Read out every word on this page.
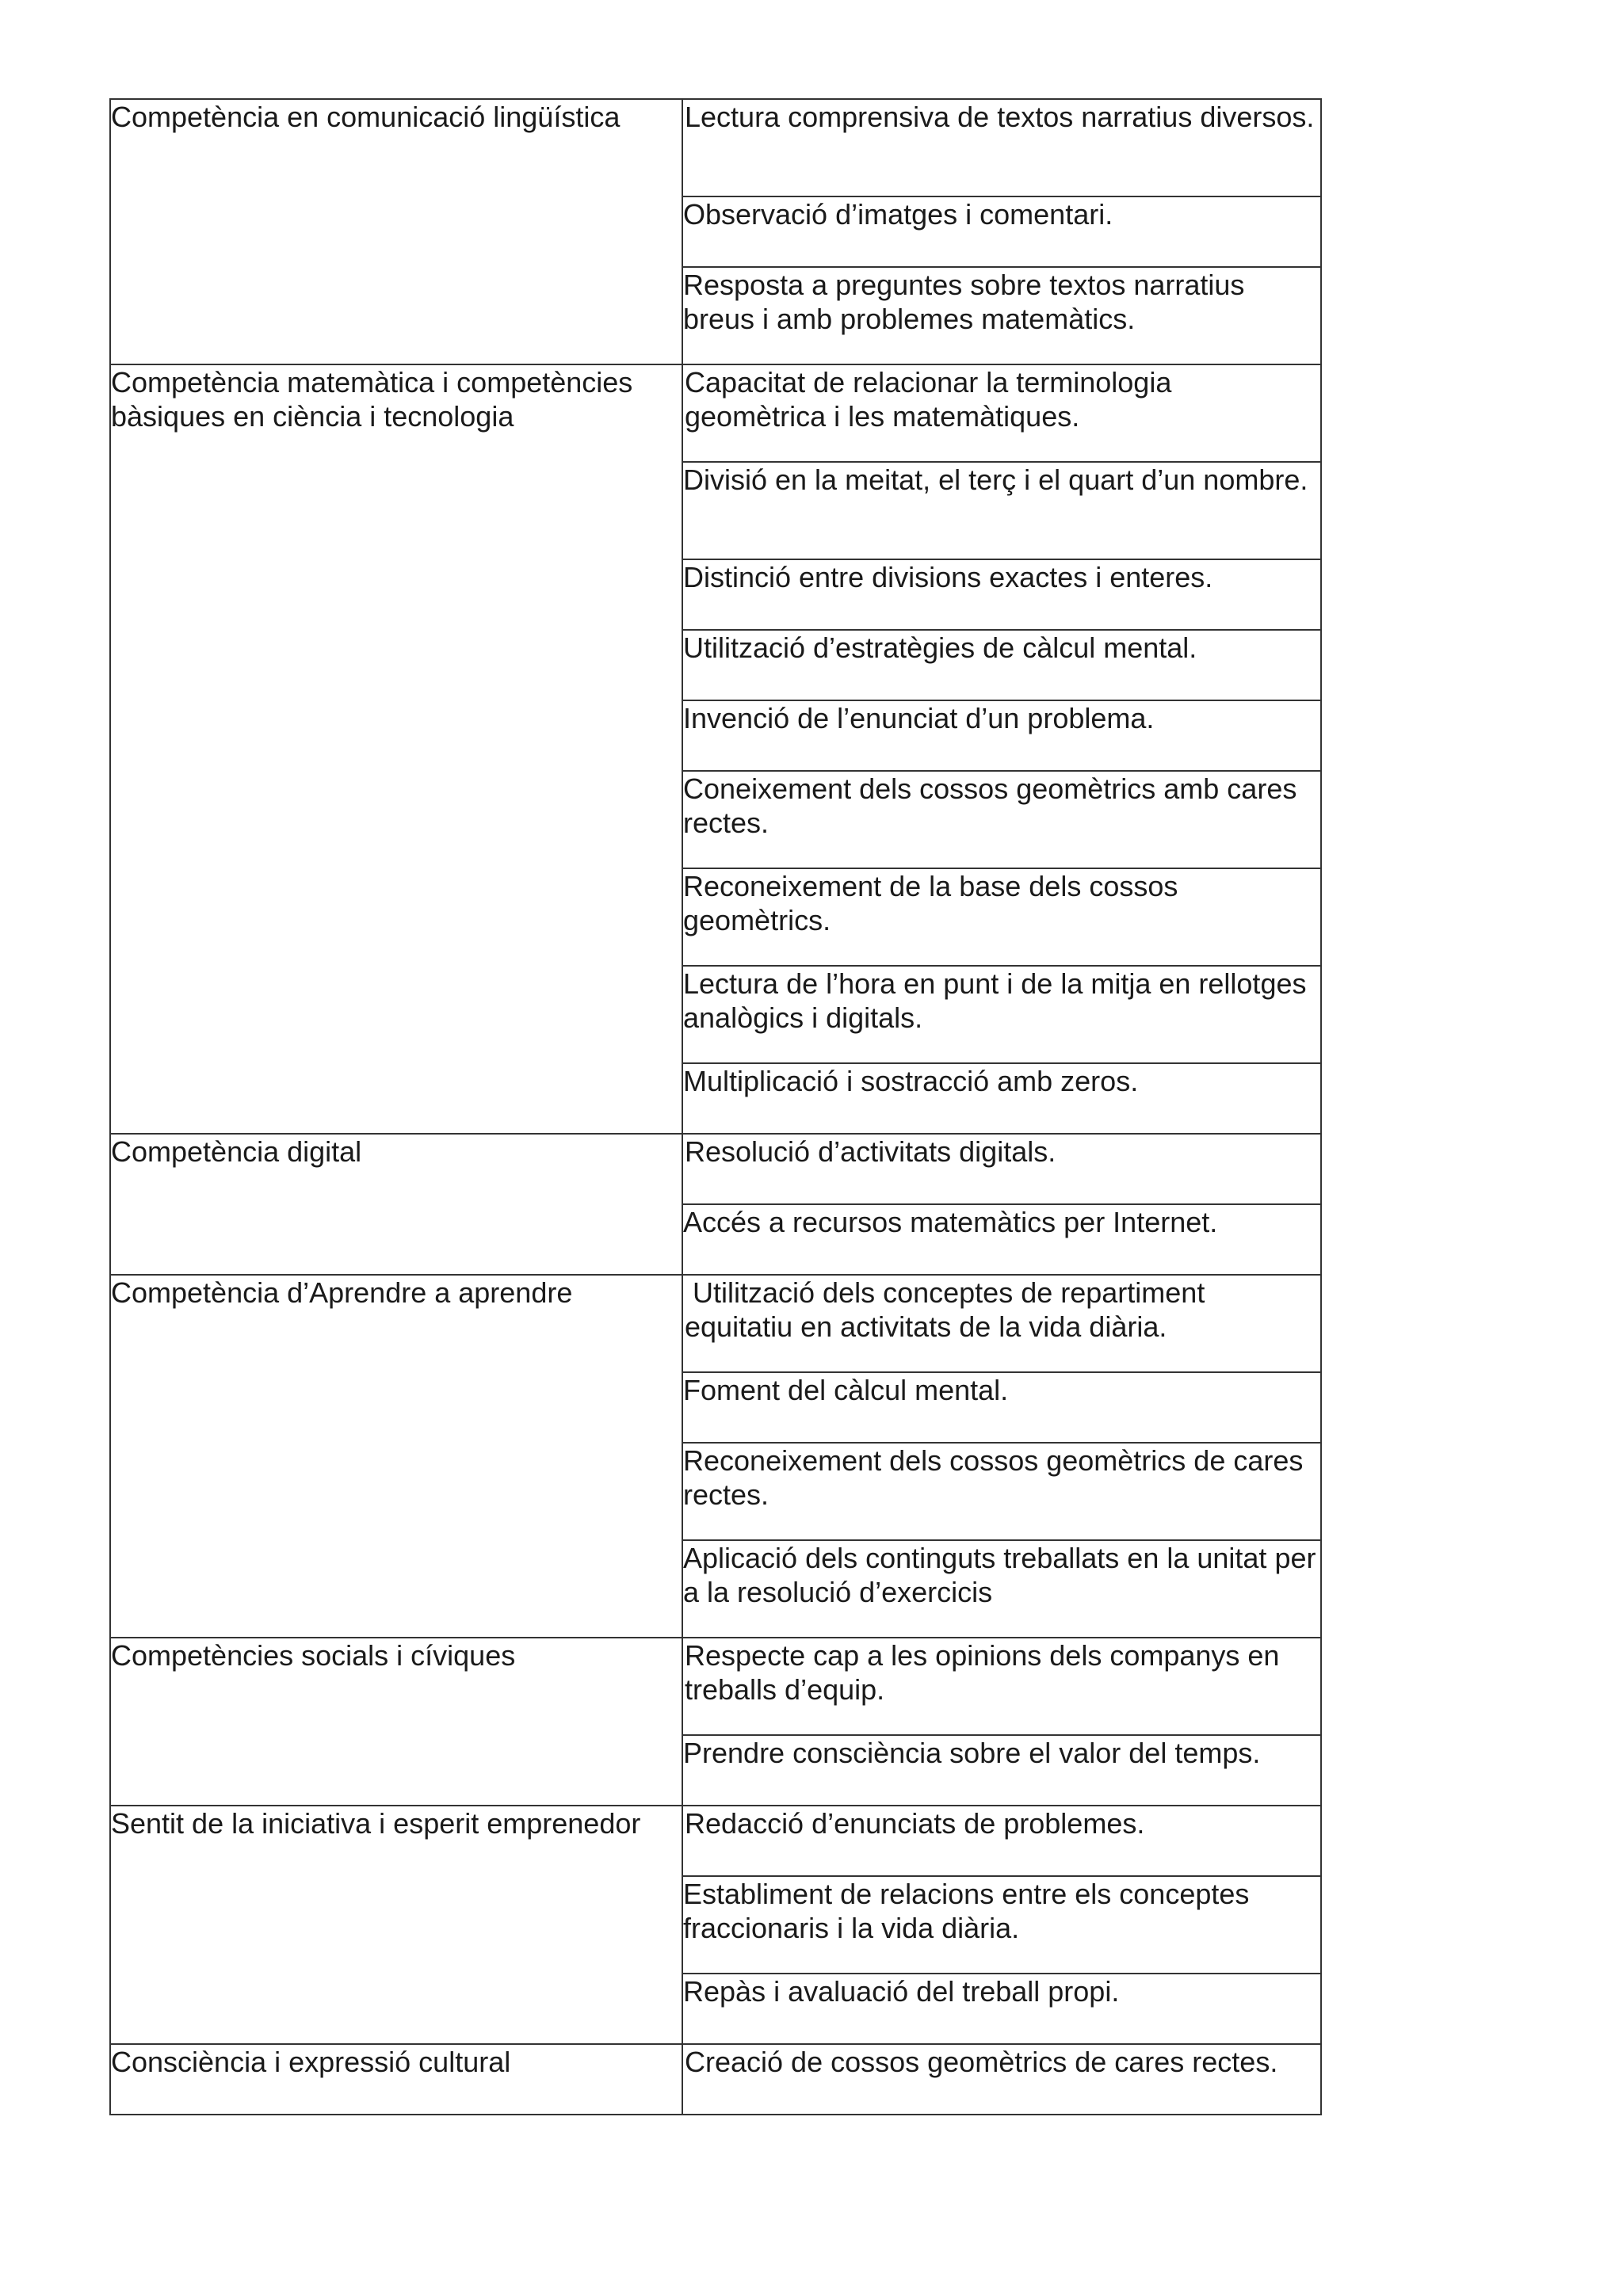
Competència en comunicació lingüística	Lectura comprensiva de textos narratius diversos.

	Observació d’imatges i comentari.

	Resposta a preguntes sobre textos narratius breus i amb problemes matemàtics.

Competència matemàtica i competències bàsiques en ciència i tecnologia	Capacitat de relacionar la terminologia geomètrica i les matemàtiques.

	Divisió en la meitat, el terç i el quart d’un nombre.

	Distinció entre divisions exactes i enteres.

	Utilització d’estratègies de càlcul mental.

	Invenció de l’enunciat d’un problema.

	Coneixement dels cossos geomètrics amb cares rectes.

	Reconeixement de la base dels cossos geomètrics.

	Lectura de l’hora en punt i de la mitja en rellotges analògics i digitals.

	Multiplicació i sostracció amb zeros.

Competència digital	Resolució d’activitats digitals.

	Accés a recursos matemàtics per Internet.

Competència d’Aprendre a aprendre	Utilització dels conceptes de repartiment equitatiu en activitats de la vida diària.

	Foment del càlcul mental.

	Reconeixement dels cossos geomètrics de cares rectes.

	Aplicació dels continguts treballats en la unitat per a la resolució d’exercicis

Competències socials i cíviques	Respecte cap a les opinions dels companys en treballs d’equip.

	Prendre consciència sobre el valor del temps.

Sentit de la iniciativa i esperit emprenedor	Redacció d’enunciats de problemes.

	Establiment de relacions entre els conceptes fraccionaris i la vida diària.

	Repàs i avaluació del treball propi.

Consciència i expressió cultural	Creació de cossos geomètrics de cares rectes.
